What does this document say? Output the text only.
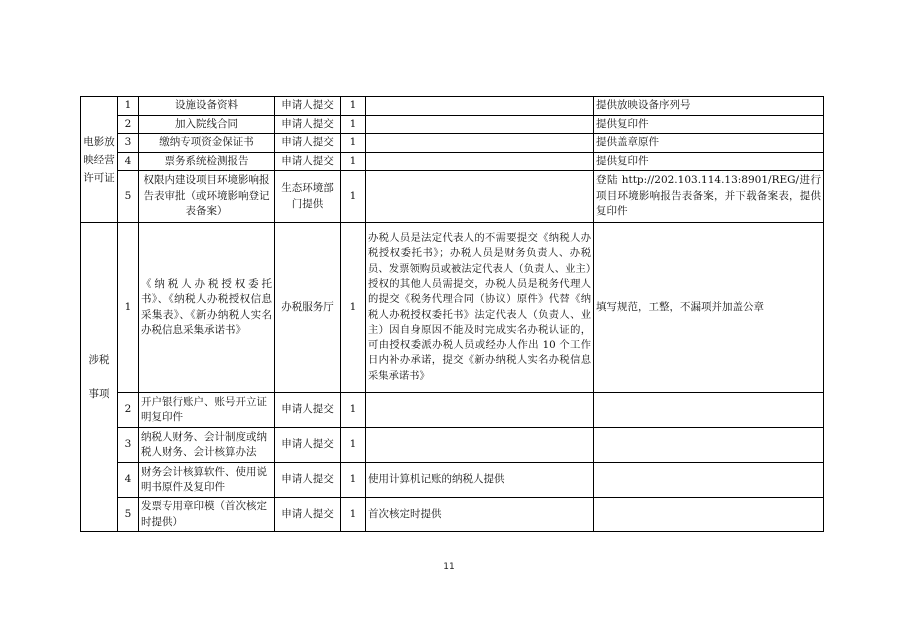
电影放
映经营
许可证	1	设施设备资料	申请人提交	1		提供放映设备序列号
	2	加入院线合同	申请人提交	1		提供复印件
	3	缴纳专项资金保证书	申请人提交	1		提供盖章原件
	4	票务系统检测报告	申请人提交	1		提供复印件
	5	权限内建设项目环境影响报告表审批（或环境影响登记表备案）	生态环境部门提供	1		登陆 http://202.103.114.13:8901/REG/进行项目环境影响报告表备案，并下载备案表，提供复印件

涉税
事项	1	《纳税人办税授权委托书》、《纳税人办税授权信息采集表》、《新办纳税人实名办税信息采集承诺书》	办税服务厅	1	办税人员是法定代表人的不需要提交《纳税人办税授权委托书》；办税人员是财务负责人、办税员、发票领购员或被法定代表人（负责人、业主）授权的其他人员需提交，办税人员是税务代理人的提交《税务代理合同（协议）原件》代替《纳税人办税授权委托书》法定代表人（负责人、业主）因自身原因不能及时完成实名办税认证的，可由授权委派办税人员或经办人作出 10 个工作日内补办承诺，提交《新办纳税人实名办税信息采集承诺书》	填写规范，工整，不漏项并加盖公章
	2	开户银行账户、账号开立证明复印件	申请人提交	1		
	3	纳税人财务、会计制度或纳税人财务、会计核算办法	申请人提交	1		
	4	财务会计核算软件、使用说明书原件及复印件	申请人提交	1	使用计算机记账的纳税人提供	
	5	发票专用章印模（首次核定时提供）	申请人提交	1	首次核定时提供	
11
